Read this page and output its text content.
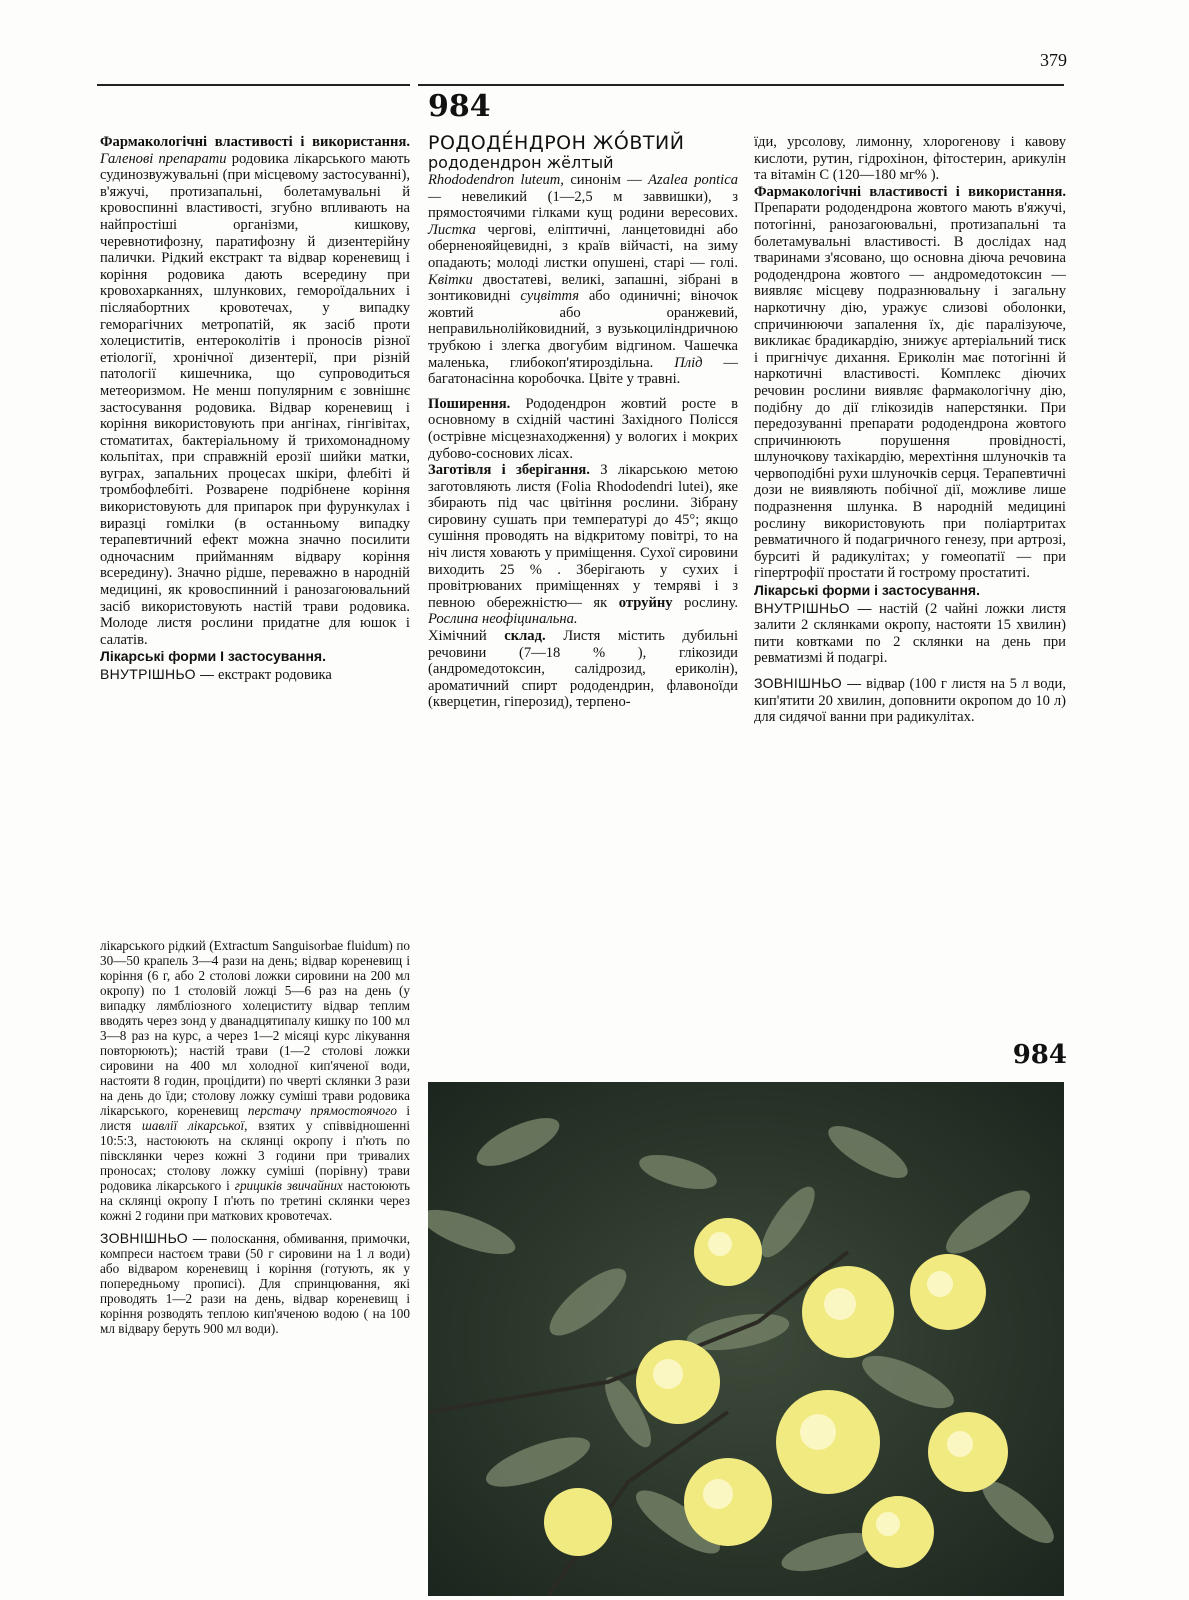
379
984

Фармакологічні властивості і використання. Галенові препарати родовика лікарського мають судинозвужувальні (при місцевому застосуванні), в'яжучі, протизапальні, болетамувальні й кровоспинні властивості, згубно впливають на найпростіші організми, кишкову, черевнотифозну, паратифозну й дизентерійну палички. Рідкий екстракт та відвар кореневищ і коріння родовика дають всередину при кровохарканнях, шлункових, гемороїдальних і післяабортних кровотечах, у випадку геморагічних метропатій, як засіб проти холециститів, ентероколітів і проносів різної етіології, хронічної дизентерії, при різній патології кишечника, що супроводиться метеоризмом. Не менш популярним є зовнішнє застосування родовика. Відвар кореневищ і коріння використовують при ангінах, гінгівітах, стоматитах, бактеріальному й трихомонадному кольпітах, при справжній ерозії шийки матки, вуграх, запальних процесах шкіри, флебіті й тромбофлебіті. Розварене подрібнене коріння використовують для припарок при фурункулах і виразці гомілки (в останньому випадку терапевтичний ефект можна значно посилити одночасним прийманням відвару коріння всередину). Значно рідше, переважно в народній медицині, як кровоспинний і ранозагоювальний засіб використовують настій трави родовика. Молоде листя рослини придатне для юшок і салатів.

Лікарські форми І застосування.
ВНУТРІШНЬО — екстракт родовика

лікарського рідкий (Extractum Sanguisorbae fluidum) по 30—50 крапель 3—4 рази на день; відвар кореневищ і коріння (6 г, або 2 столові ложки сировини на 200 мл окропу) по 1 столовій ложці 5—6 раз на день (у випадку лямбліозного холециститу відвар теплим вводять через зонд у дванадцятипалу кишку по 100 мл 3—8 раз на курс, а через 1—2 місяці курс лікування повторюють); настій трави (1—2 столові ложки сировини на 400 мл холодної кип'яченої води, настояти 8 годин, процідити) по чверті склянки 3 рази на день до їди; столову ложку суміші трави родовика лікарського, кореневищ перстачу прямостоячого і листя шавлії лікарської, взятих у співвідношенні 10:5:3, настоюють на склянці окропу і п'ють по півсклянки через кожні 3 години при тривалих проносах; столову ложку суміші (порівну) трави родовика лікарського і грициків звичайних настоюють на склянці окропу І п'ють по третині склянки через кожні 2 години при маткових кровотечах.

ЗОВНІШНЬО — полоскання, обмивання, примочки, компреси настоєм трави (50 г сировини на 1 л води) або відваром кореневищ і коріння (готують, як у попередньому прописі). Для спринцювання, які проводять 1—2 рази на день, відвар кореневищ і коріння розводять теплою кип'яченою водою ( на 100 мл відвару беруть 900 мл води).

РОДОДЕ́НДРОН ЖО́ВТИЙ
рододендрон жёлтый

Rhododendron luteum, синонім — Azalea pontica — невеликий (1—2,5 м заввишки), з прямостоячими гілками кущ родини вересових. Листка чергові, еліптичні, ланцетовидні або оберненояйцевидні, з країв війчасті, на зиму опадають; молоді листки опушені, старі — голі. Квітки двостатеві, великі, запашні, зібрані в зонтиковидні суцвіття або одиничні; віночок жовтий або оранжевий, неправильнолійковидний, з вузькоциліндричною трубкою і злегка двогубим відгином. Чашечка маленька, глибокоп'ятироздільна. Плід — багатонасінна коробочка. Цвіте у травні.

Поширення. Рододендрон жовтий росте в основному в східній частині Західного Полісся (острівне місцезнаходження) у вологих і мокрих дубово-соснових лісах.

Заготівля і зберігання. З лікарською метою заготовляють листя (Folia Rhododendri lutei), яке збирають під час цвітіння рослини. Зібрану сировину сушать при температурі до 45°; якщо сушіння проводять на відкритому повітрі, то на ніч листя ховають у приміщення. Сухої сировини виходить 25 % . Зберігають у сухих і провітрюваних приміщеннях у темряві і з певною обережністю— як отруйну рослину. Рослина неофіцинальна.

Хімічний склад. Листя містить дубильні речовини (7—18 % ), глікозиди (андромедотоксин, салідрозид, ериколін), ароматичний спирт рододендрин, флавоноїди (кверцетин, гіперозид), терпено-

їди, урсолову, лимонну, хлорогенову і кавову кислоти, рутин, гідрохінон, фітостерин, арикулін та вітамін С (120—180 мг% ).

Фармакологічні властивості і використання. Препарати рододендрона жовтого мають в'яжучі, потогінні, ранозагоювальні, протизапальні та болетамувальні властивості. В дослідах над тваринами з'ясовано, що основна діюча речовина рододендрона жовтого — андромедотоксин — виявляє місцеву подразнювальну і загальну наркотичну дію, уражує слизові оболонки, спричинюючи запалення їх, діє паралізуюче, викликає брадикардію, знижує артеріальний тиск і пригнічує дихання. Ериколін має потогінні й наркотичні властивості. Комплекс діючих речовин рослини виявляє фармакологічну дію, подібну до дії глікозидів наперстянки. При передозуванні препарати рододендрона жовтого спричинюють порушення провідності, шлуночкову тахікардію, мерехтіння шлуночків та червоподібні рухи шлуночків серця. Терапевтичні дози не виявляють побічної дії, можливе лише подразнення шлунка. В народній медицині рослину використовують при поліартритах ревматичного й подагричного генезу, при артрозі, бурситі й радикулітах; у гомеопатії — при гіпертрофії простати й гострому простатиті.

Лікарські форми і застосування.
ВНУТРІШНЬО — настій (2 чайні ложки листя залити 2 склянками окропу, настояти 15 хвилин) пити ковтками по 2 склянки на день при ревматизмі й подагрі.

ЗОВНІШНЬО — відвар (100 г листя на 5 л води, кип'ятити 20 хвилин, доповнити окропом до 10 л) для сидячої ванни при радикулітах.

984
